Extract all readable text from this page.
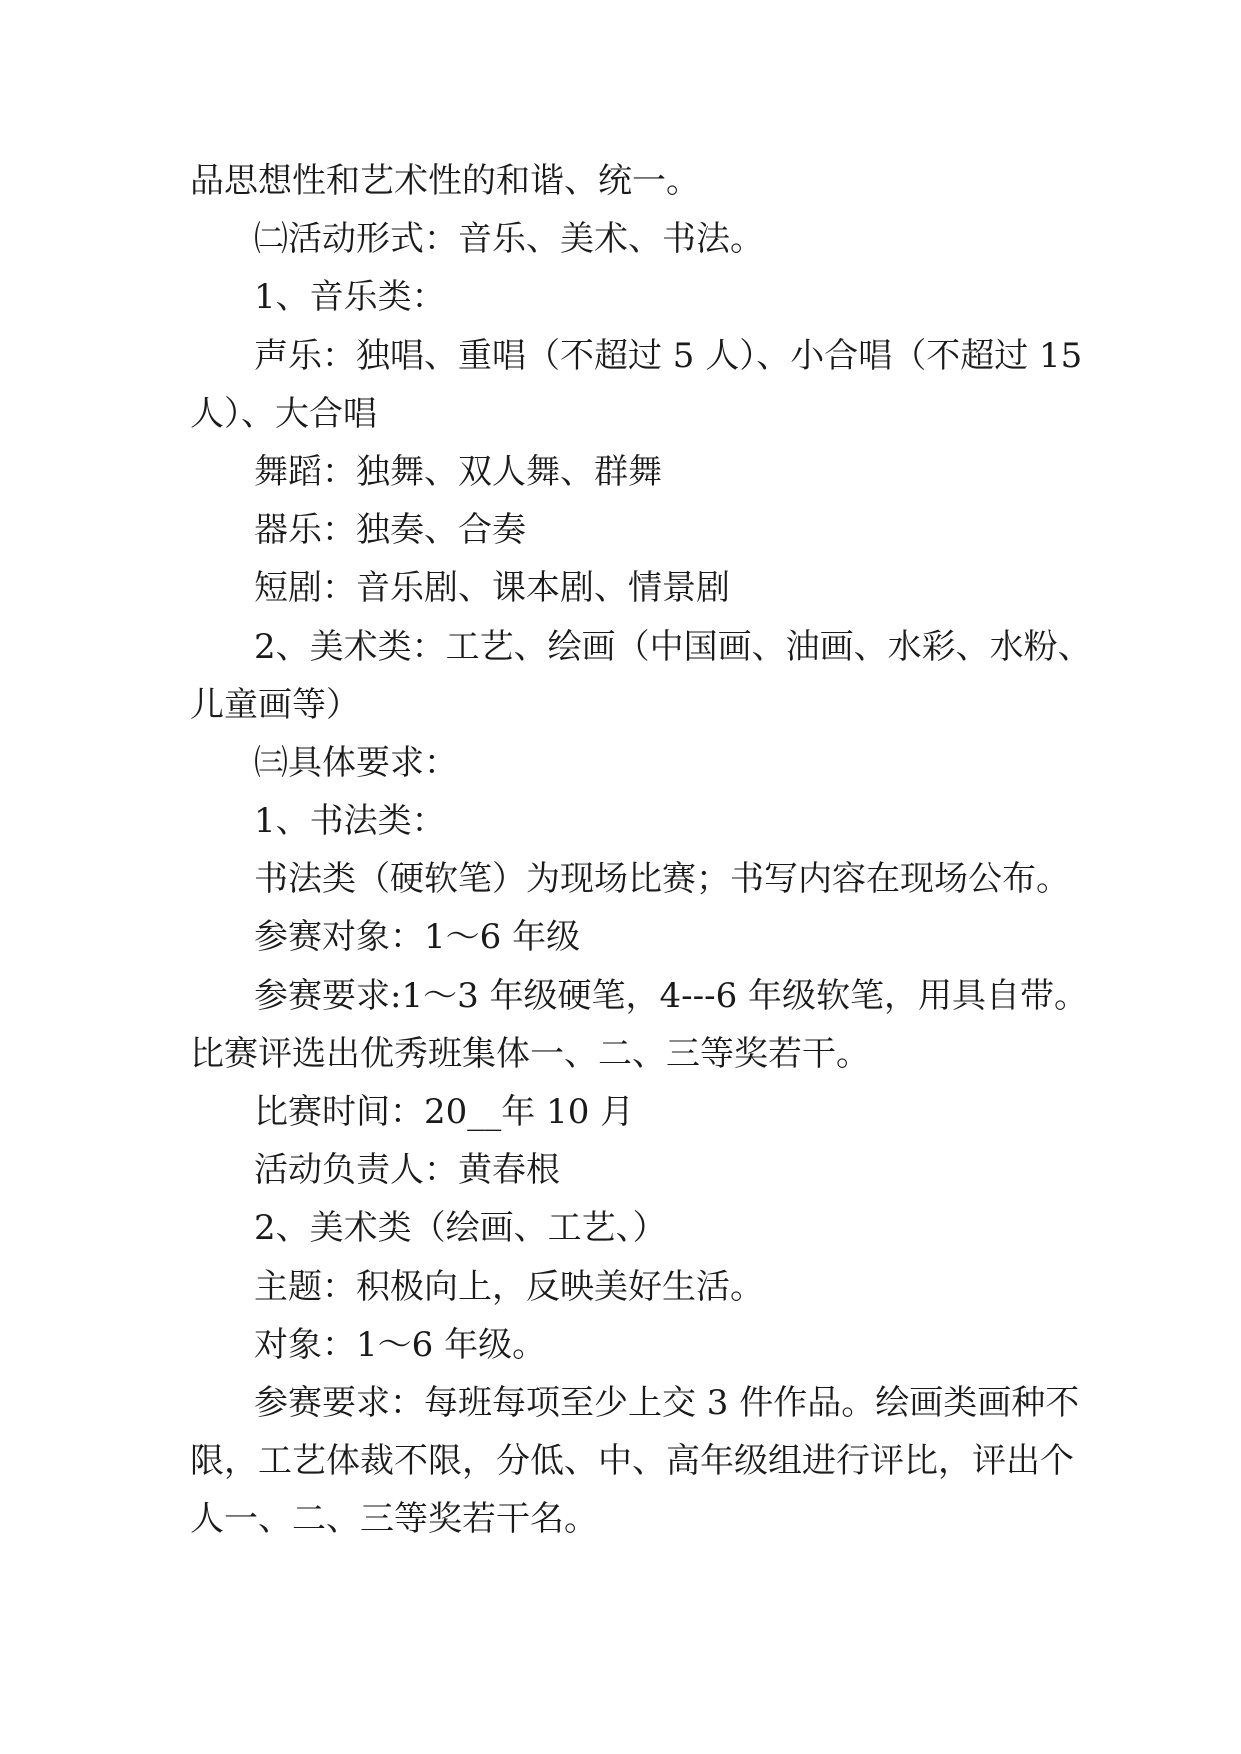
品思想性和艺术性的和谐、统一。
㈡活动形式：音乐、美术、书法。
1、音乐类：
声乐：独唱、重唱（不超过 5 人）、小合唱（不超过 15
人）、大合唱
舞蹈：独舞、双人舞、群舞
器乐：独奏、合奏
短剧：音乐剧、课本剧、情景剧
2、美术类：工艺、绘画（中国画、油画、水彩、水粉、
儿童画等）
㈢具体要求：
1、书法类：
书法类（硬软笔）为现场比赛；书写内容在现场公布。
参赛对象：1～6 年级
参赛要求:1～3 年级硬笔，4---6 年级软笔，用具自带。
比赛评选出优秀班集体一、二、三等奖若干。
比赛时间：20__年 10 月
活动负责人：黄春根
2、美术类（绘画、工艺、）
主题：积极向上，反映美好生活。
对象：1～6 年级。
参赛要求：每班每项至少上交 3 件作品。绘画类画种不
限，工艺体裁不限，分低、中、高年级组进行评比，评出个
人一、二、三等奖若干名。
